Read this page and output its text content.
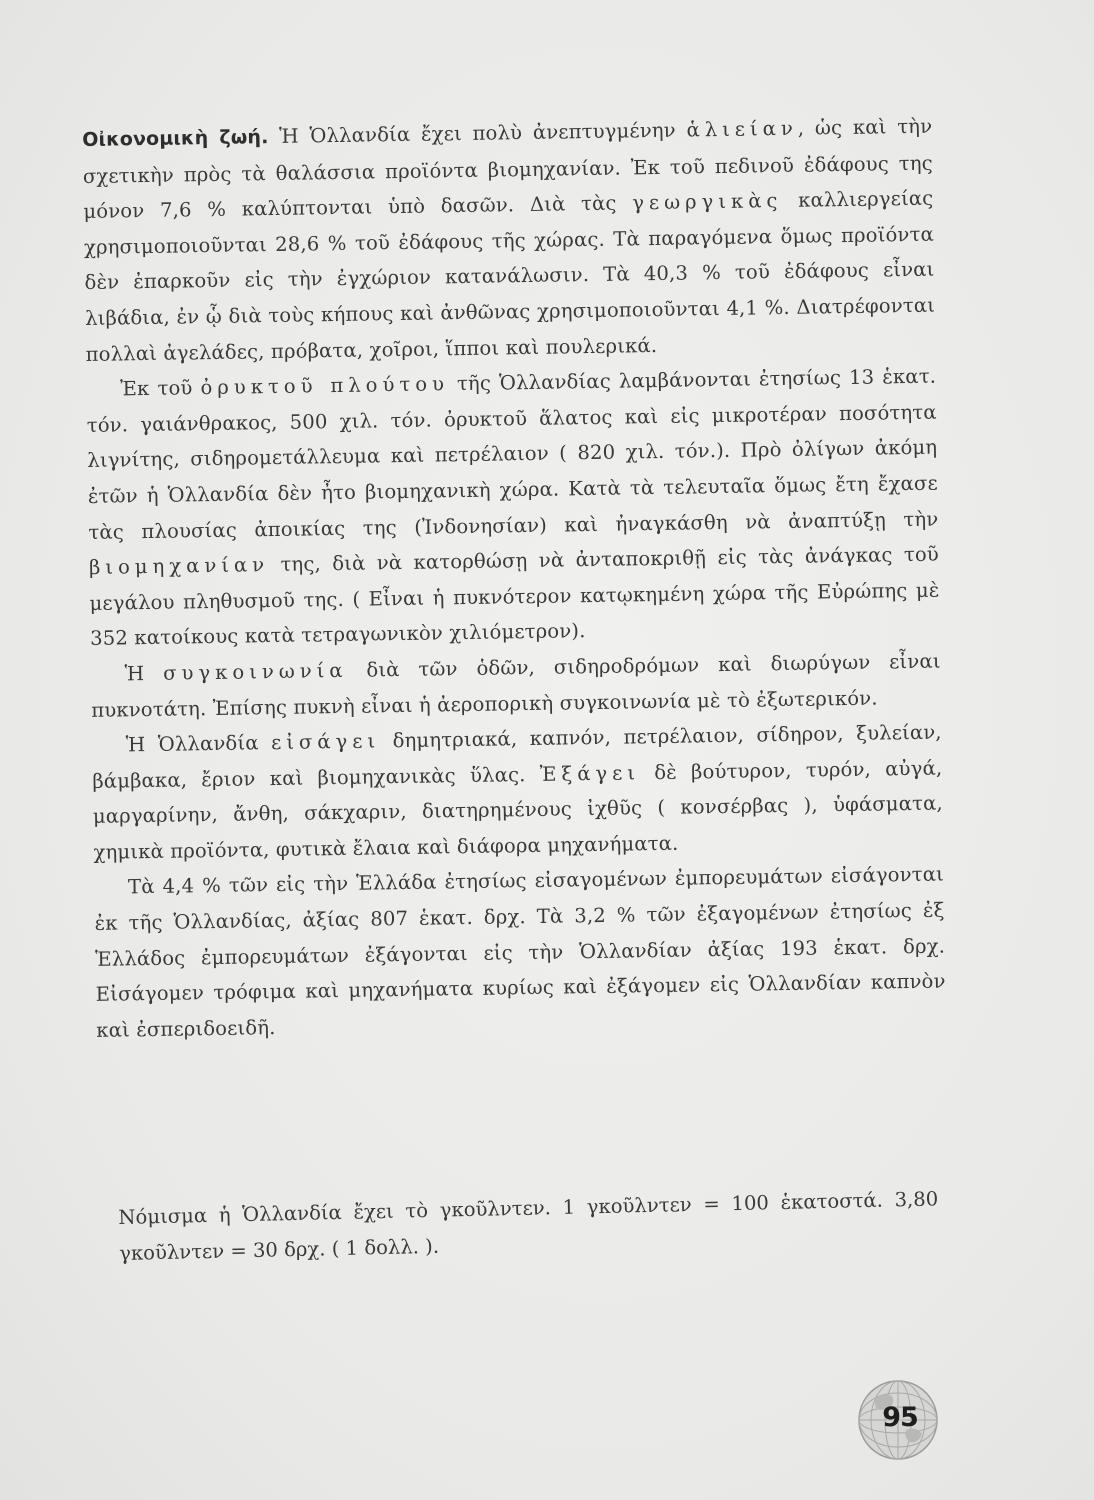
Οἰκονομικὴ ζωή. Ἡ Ὁλλανδία ἔχει πολὺ ἀνεπτυγμένην ἁλιείαν, ὡς καὶ τὴν σχετικὴν πρὸς τὰ θαλάσσια προϊόντα βιομηχανίαν. Ἐκ τοῦ πεδινοῦ ἐδάφους της μόνον 7,6 % καλύπτονται ὑπὸ δασῶν. Διὰ τὰς γεωργικὰς καλλιεργείας χρησιμοποιοῦνται 28,6 % τοῦ ἐδάφους τῆς χώρας. Τὰ παραγόμενα ὅμως προϊόντα δὲν ἐπαρκοῦν εἰς τὴν ἐγχώριον κατανάλωσιν. Τὰ 40,3 % τοῦ ἐδάφους εἶναι λιβάδια, ἐν ᾧ διὰ τοὺς κήπους καὶ ἀνθῶνας χρησιμοποιοῦνται 4,1 %. Διατρέφονται πολλαὶ ἀγελάδες, πρόβατα, χοῖροι, ἵπποι καὶ πουλερικά.

Ἐκ τοῦ ὀρυκτοῦ πλούτου τῆς Ὁλλανδίας λαμβάνονται ἐτησίως 13 ἑκατ. τόν. γαιάνθρακος, 500 χιλ. τόν. ὀρυκτοῦ ἅλατος καὶ εἰς μικροτέραν ποσότητα λιγνίτης, σιδηρομετάλλευμα καὶ πετρέλαιον ( 820 χιλ. τόν.). Πρὸ ὀλίγων ἀκόμη ἐτῶν ἡ Ὁλλανδία δὲν ἦτο βιομηχανικὴ χώρα. Κατὰ τὰ τελευταῖα ὅμως ἔτη ἔχασε τὰς πλουσίας ἀποικίας της (Ἰνδονησίαν) καὶ ἠναγκάσθη νὰ ἀναπτύξῃ τὴν βιομηχανίαν της, διὰ νὰ κατορθώσῃ νὰ ἀνταποκριθῇ εἰς τὰς ἀνάγκας τοῦ μεγάλου πληθυσμοῦ της. ( Εἶναι ἡ πυκνότερον κατῳκημένη χώρα τῆς Εὐρώπης μὲ 352 κατοίκους κατὰ τετραγωνικὸν χιλιόμετρον).

Ἡ συγκοινωνία διὰ τῶν ὁδῶν, σιδηροδρόμων καὶ διωρύγων εἶναι πυκνοτάτη. Ἐπίσης πυκνὴ εἶναι ἡ ἀεροπορικὴ συγκοινωνία μὲ τὸ ἐξωτερικόν.

Ἡ Ὁλλανδία εἰσάγει δημητριακά, καπνόν, πετρέλαιον, σίδηρον, ξυλείαν, βάμβακα, ἔριον καὶ βιομηχανικὰς ὕλας. Ἐξάγει δὲ βούτυρον, τυρόν, αὐγά, μαργαρίνην, ἄνθη, σάκχαριν, διατηρημένους ἰχθῦς ( κονσέρβας ), ὑφάσματα, χημικὰ προϊόντα, φυτικὰ ἔλαια καὶ διάφορα μηχανήματα.

Τὰ 4,4 % τῶν εἰς τὴν Ἑλλάδα ἐτησίως εἰσαγομένων ἐμπορευμάτων εἰσάγονται ἐκ τῆς Ὁλλανδίας, ἀξίας 807 ἑκατ. δρχ. Τὰ 3,2 % τῶν ἐξαγομένων ἐτησίως ἐξ Ἑλλάδος ἐμπορευμάτων ἐξάγονται εἰς τὴν Ὁλλανδίαν ἀξίας 193 ἑκατ. δρχ. Εἰσάγομεν τρόφιμα καὶ μηχανήματα κυρίως καὶ ἐξάγομεν εἰς Ὁλλανδίαν καπνὸν καὶ ἐσπεριδοειδῆ.

Νόμισμα ἡ Ὁλλανδία ἔχει τὸ γκοῦλντεν. 1 γκοῦλντεν = 100 ἑκατοστά. 3,80 γκοῦλντεν = 30 δρχ. ( 1 δολλ. ).

95
